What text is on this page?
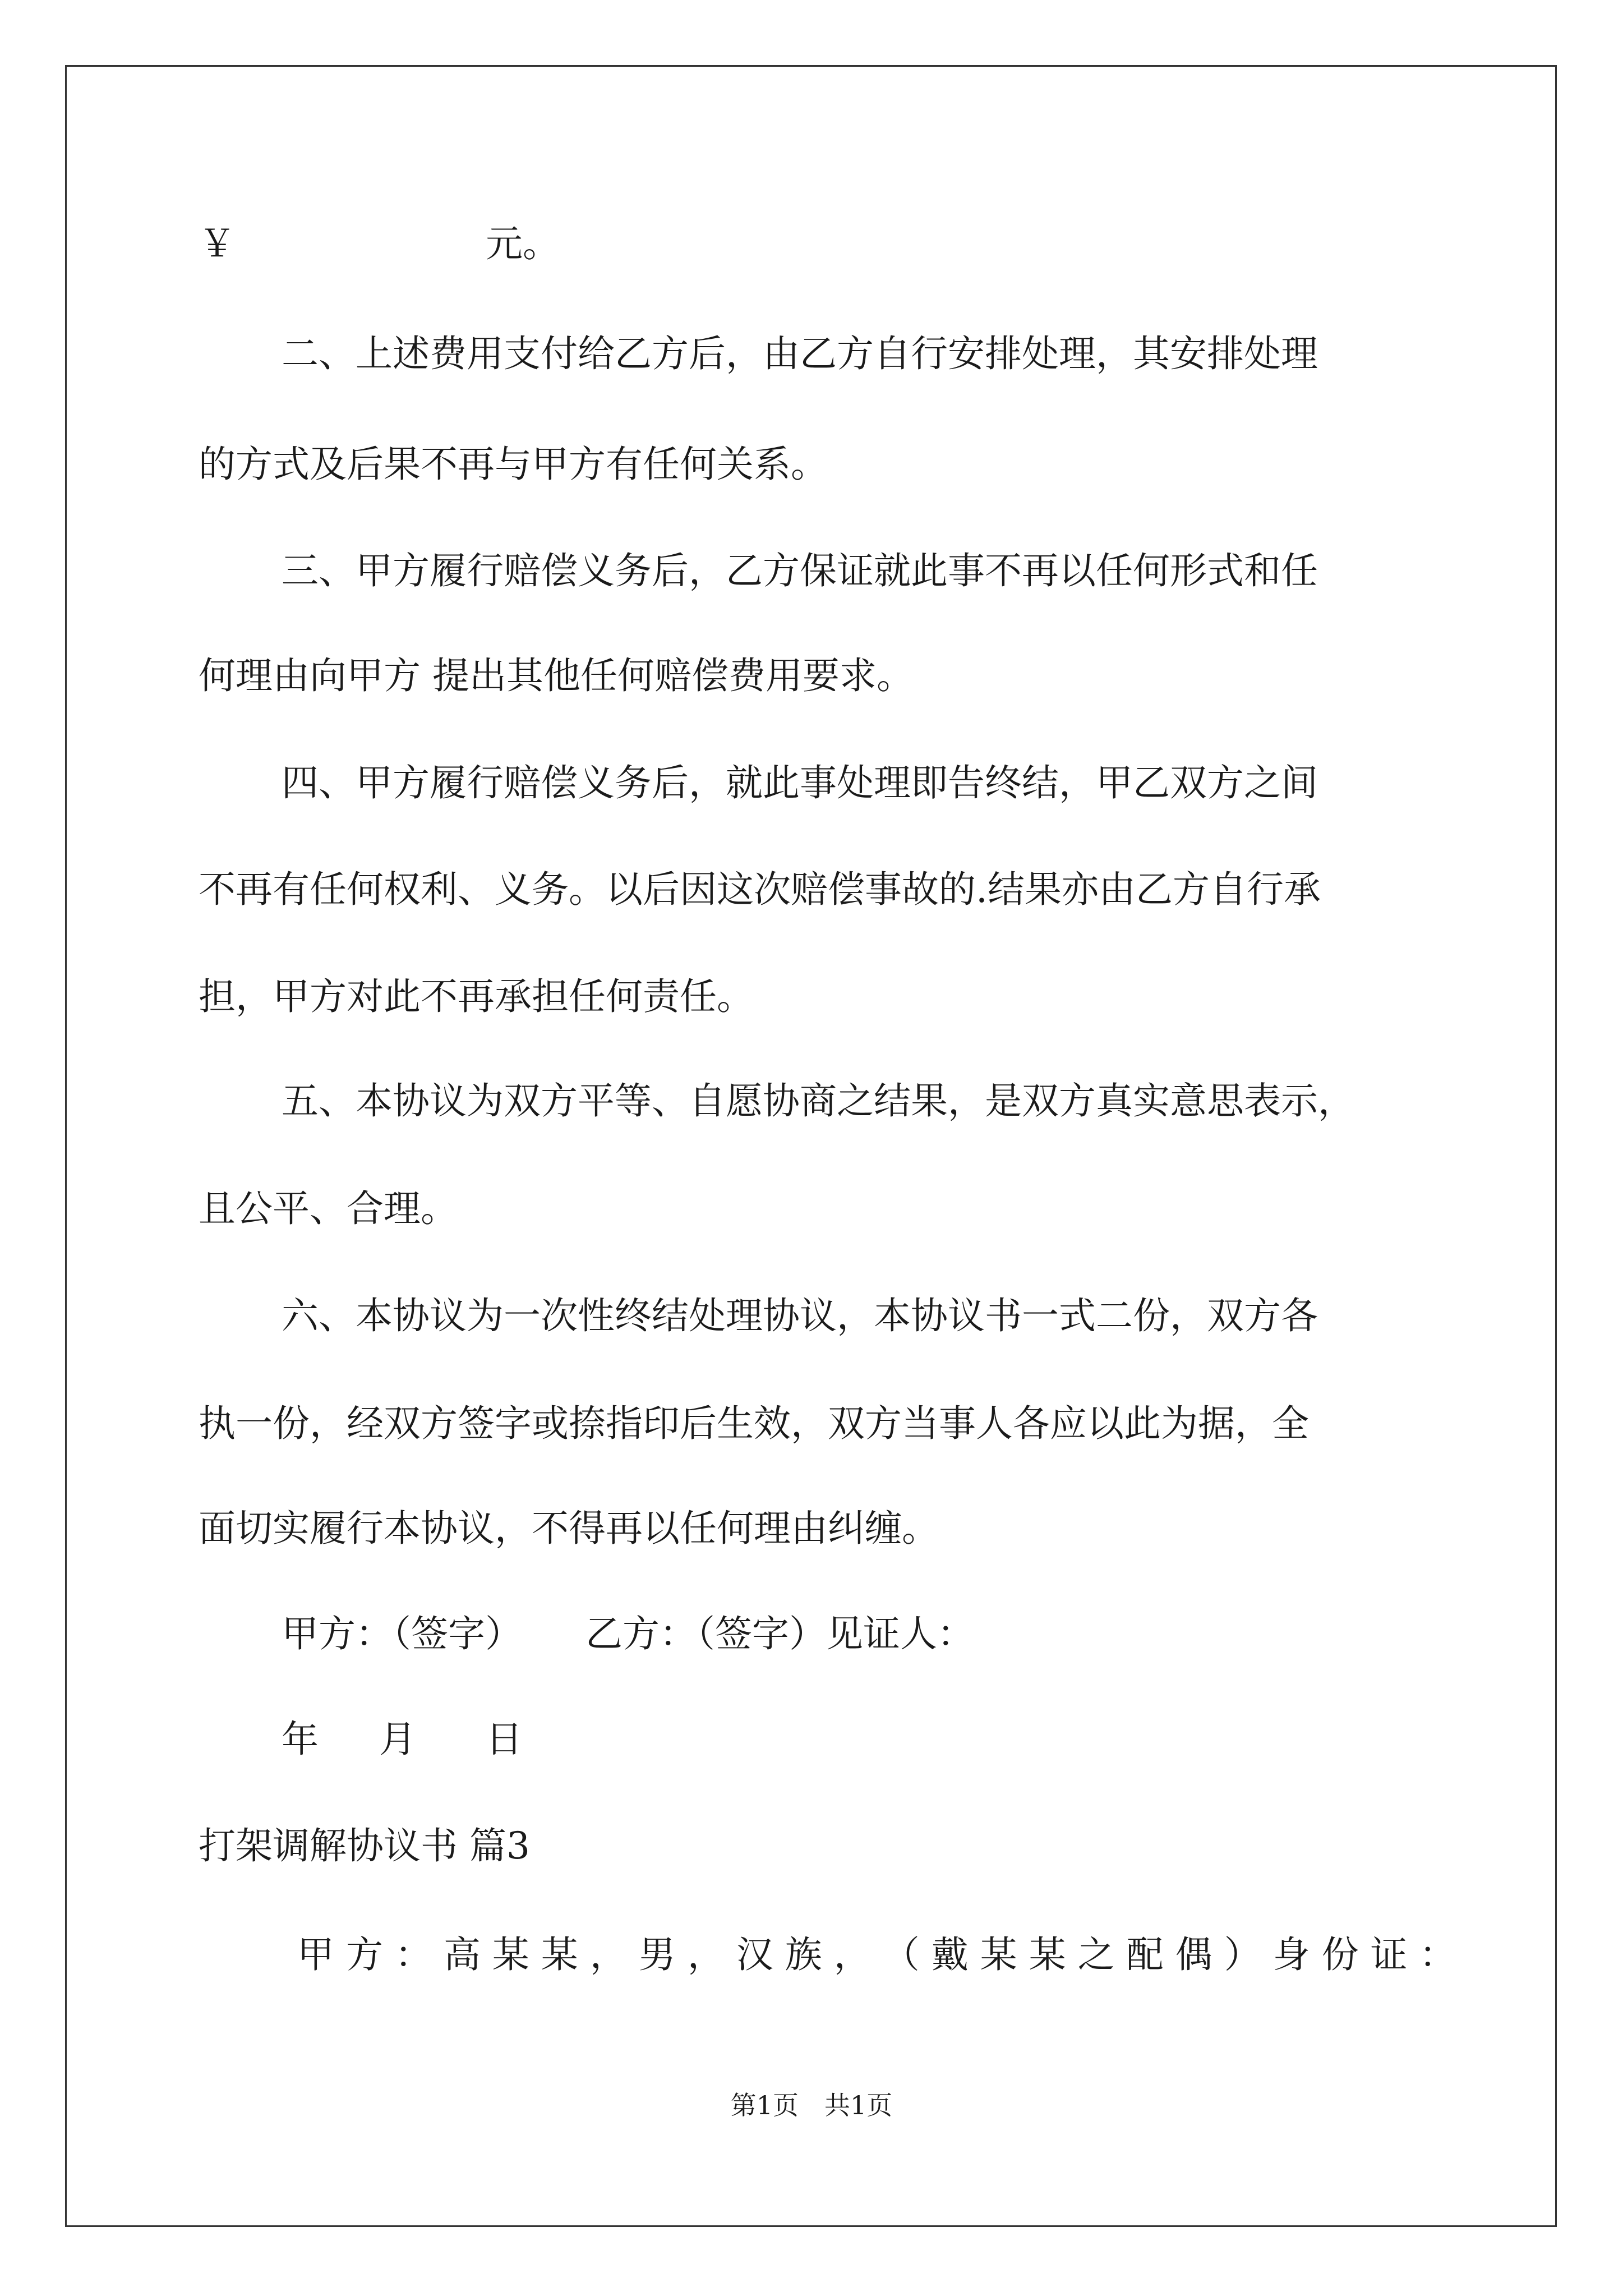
￥	元。
二、上述费用支付给乙方后，由乙方自行安排处理，其安排处理
的方式及后果不再与甲方有任何关系。
三、甲方履行赔偿义务后，乙方保证就此事不再以任何形式和任
何理由向甲方 提出其他任何赔偿费用要求。
四、甲方履行赔偿义务后，就此事处理即告终结，甲乙双方之间
不再有任何权利、义务。以后因这次赔偿事故的.结果亦由乙方自行承
担，甲方对此不再承担任何责任。
五、本协议为双方平等、自愿协商之结果，是双方真实意思表示，
且公平、合理。
六、本协议为一次性终结处理协议，本协议书一式二份，双方各
执一份，经双方签字或捺指印后生效，双方当事人各应以此为据，全
面切实履行本协议，不得再以任何理由纠缠。
甲方：（签字） 乙方：（签字）见证人：
年 月 日
打架调解协议书 篇3
甲 方 ： 高 某 某 ， 男 ， 汉 族 ， （ 戴 某 某 之 配 偶 ） 身 份 证 ：
第1页　共1页
